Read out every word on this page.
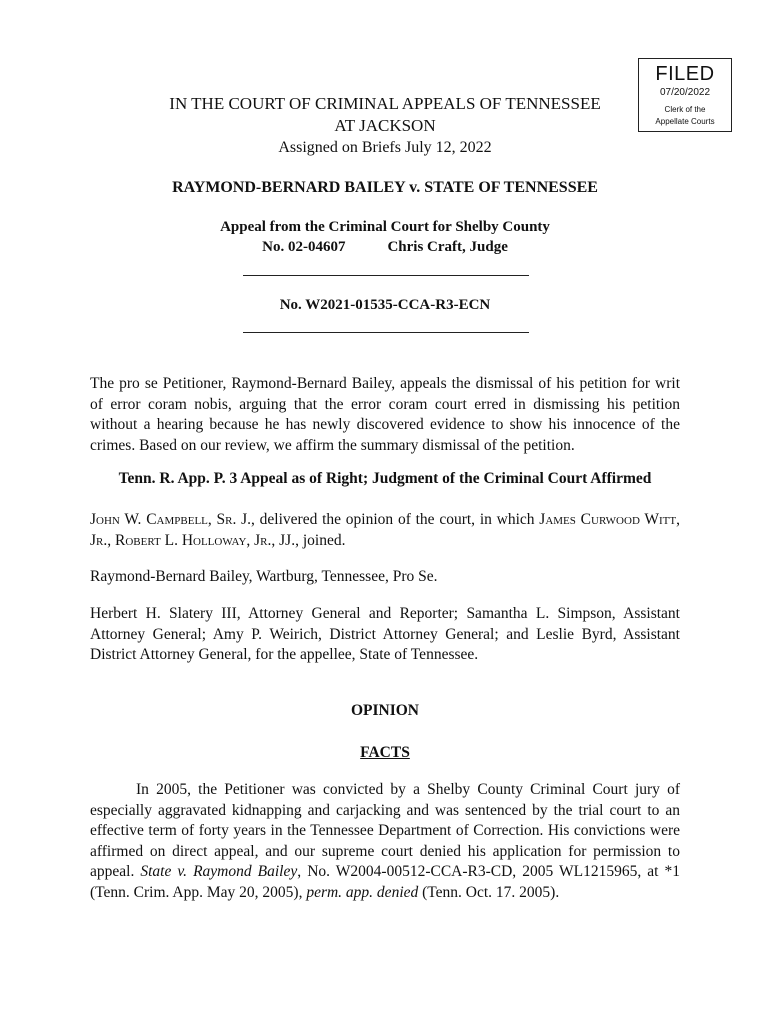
FILED
07/20/2022
Clerk of the
Appellate Courts
IN THE COURT OF CRIMINAL APPEALS OF TENNESSEE
AT JACKSON
Assigned on Briefs July 12, 2022
RAYMOND-BERNARD BAILEY v. STATE OF TENNESSEE
Appeal from the Criminal Court for Shelby County
No. 02-04607	Chris Craft, Judge
No. W2021-01535-CCA-R3-ECN

The pro se Petitioner, Raymond-Bernard Bailey, appeals the dismissal of his petition for writ of error coram nobis, arguing that the error coram court erred in dismissing his petition without a hearing because he has newly discovered evidence to show his innocence of the crimes. Based on our review, we affirm the summary dismissal of the petition.

Tenn. R. App. P. 3 Appeal as of Right; Judgment of the Criminal Court Affirmed

John W. Campbell, Sr. J., delivered the opinion of the court, in which James Curwood Witt, Jr., Robert L. Holloway, Jr., JJ., joined.

Raymond-Bernard Bailey, Wartburg, Tennessee, Pro Se.

Herbert H. Slatery III, Attorney General and Reporter; Samantha L. Simpson, Assistant Attorney General; Amy P. Weirich, District Attorney General; and Leslie Byrd, Assistant District Attorney General, for the appellee, State of Tennessee.

OPINION
FACTS

In 2005, the Petitioner was convicted by a Shelby County Criminal Court jury of especially aggravated kidnapping and carjacking and was sentenced by the trial court to an effective term of forty years in the Tennessee Department of Correction. His convictions were affirmed on direct appeal, and our supreme court denied his application for permission to appeal. State v. Raymond Bailey, No. W2004-00512-CCA-R3-CD, 2005 WL1215965, at *1 (Tenn. Crim. App. May 20, 2005), perm. app. denied (Tenn. Oct. 17. 2005).
